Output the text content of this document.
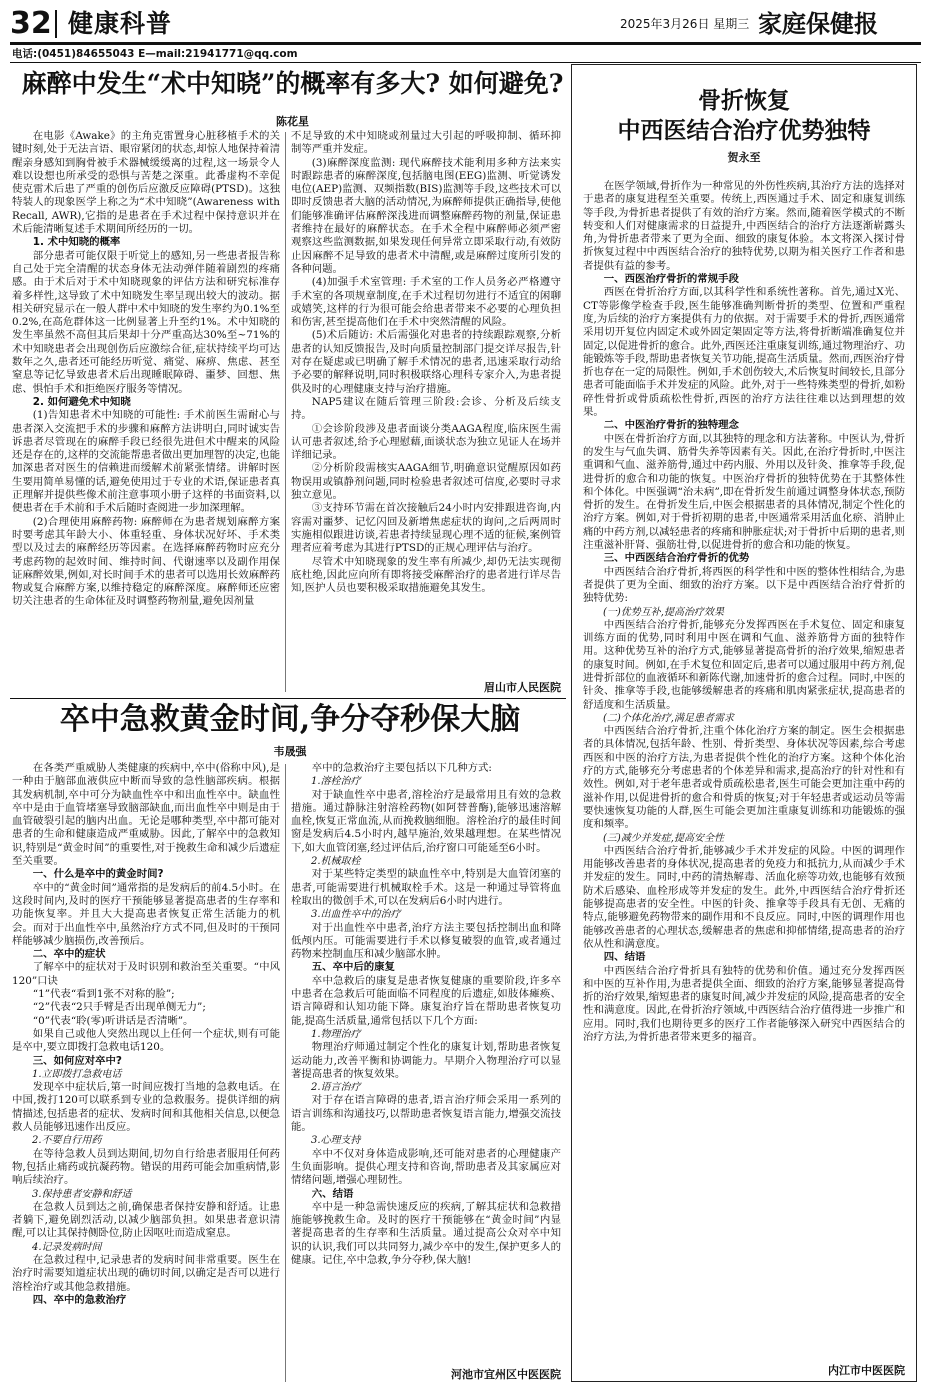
32 健康科普	2025年3月26日 星期三 家庭保健报
电话:(0451)84655043 E—mail:21941771@qq.com
麻醉中发生“术中知晓”的概率有多大? 如何避免?
陈花星

在电影《Awake》的主角克雷置身心脏移植手术的关键时刻,处于无法言语、眼帘紧闭的状态,却惊人地保持着清醒亲身感知到胸骨被手术器械缓缓离的过程,这一场景令人难以设想也所承受的恐惧与苦楚之深重。此番虚构不幸促使克雷术后患了严重的创伤后应激反应障碍(PTSD)。这独特装人的现象医学上称之为“术中知晓”(Awareness with Recall, AWR),它指的是患者在手术过程中保持意识并在术后能清晰复述手术期间所经历的一切。

1. 术中知晓的概率

部分患者可能仅限于听觉上的感知,另一些患者报告称自己处于完全清醒的状态身体无法动弹伴随着剧烈的疼痛感。由于术后对于术中知晓现象的评估方法和研究标准存着多样性,这导致了术中知晓发生率呈现出较大的波动。据相关研究显示在一般人群中术中知晓的发生率约为0.1%至0.2%,在高危群体这一比例显著上升至约1%。术中知晓的发生率虽然不高但其后果却十分严重高达30%至~71%的术中知晓患者会出现创伤后应激综合征,症状持续平均可达数年之久,患者还可能经历听觉、痛觉、麻痹、焦虑、甚至窒息等记忆导致患者术后出现睡眠障碍、噩梦、回想、焦虑、惧怕手术和拒绝医疗服务等情况。

2. 如何避免术中知晓

(1)告知患者术中知晓的可能性: 手术前医生需耐心与患者深入交流把手术的步骤和麻醉方法讲明白,同时诚实告诉患者尽管现在的麻醉手段已经很先进但术中醒来的风险还是存在的,这样的交流能帮患者做出更加理智的决定,也能加深患者对医生的信赖进而缓解术前紧张情绪。讲解时医生要用简单易懂的话,避免使用过于专业的术语,保证患者真正理解并提供些像术前注意事项小册子这样的书面资料,以便患者在手术前和手术后随时查阅进一步加深理解。

(2)合理使用麻醉药物: 麻醉师在为患者规划麻醉方案时要考虑其年龄大小、体重轻重、身体状况好坏、手术类型以及过去的麻醉经历等因素。在选择麻醉药物时应充分考虑药物的起效时间、维持时间、代谢速率以及副作用保证麻醉效果,例如,对长时间手术的患者可以选用长效麻醉药物或复合麻醉方案,以维持稳定的麻醉深度。麻醉师还应密切关注患者的生命体征及时调整药物剂量,避免因剂量

不足导致的术中知晓或剂量过大引起的呼吸抑制、循环抑制等严重并发症。

(3)麻醉深度监测: 现代麻醉技术能利用多种方法来实时跟踪患者的麻醉深度,包括脑电图(EEG)监测、听觉诱发电位(AEP)监测、双频指数(BIS)监测等手段,这些技术可以即时反馈患者大脑的活动情况,为麻醉师提供正确指导,使他们能够准确评估麻醉深浅进而调整麻醉药物的剂量,保证患者维持在最好的麻醉状态。在手术全程中麻醉师必须严密观察这些监测数据,如果发现任何异常立即采取行动,有效防止因麻醉不足导致的患者术中清醒,或是麻醉过度所引发的各种问题。

(4)加强手术室管理: 手术室的工作人员务必严格遵守手术室的各项规章制度,在手术过程切勿进行不适宜的闲聊或嬉笑,这样的行为很可能会给患者带来不必要的心理负担和伤害,甚至提高他们在手术中突然清醒的风险。

(5)术后随访: 术后需强化对患者的持续跟踪观察,分析患者的认知反馈报告,及时向质量控制部门提交详尽报告,针对存在疑虑或已明确了解手术情况的患者,迅速采取行动给予必要的解释说明,同时积极联络心理科专家介入,为患者提供及时的心理健康支持与治疗措施。

NAP5建议在随后管理三阶段:会诊、分析及后续支持。

①会诊阶段涉及患者面谈分类AAGA程度,临床医生需认可患者叙述,给予心理慰藉,面谈状态为独立见证人在场并详细记录。

②分析阶段需核实AAGA细节,明确意识觉醒原因如药物误用或镇静剂问题,同时检验患者叙述可信度,必要时寻求独立意见。

③支持环节需在首次接触后24小时内安排跟进咨询,内容需对噩梦、记忆闪回及新增焦虑症状的询问,之后两周时实施相似跟进访谈,若患者持续显现心理不适的征候,案例管理者应着考虑为其进行PTSD的正规心理评估与治疗。

尽管术中知晓现象的发生率有所减少,却仍无法实现彻底杜绝,因此应向所有即将接受麻醉治疗的患者进行详尽告知,医护人员也要积极采取措施避免其发生。

眉山市人民医院
卒中急救黄金时间,争分夺秒保大脑
韦晟强

在各类严重威胁人类健康的疾病中,卒中(俗称中风),是一种由于脑部血液供应中断而导致的急性脑部疾病。根据其发病机制,卒中可分为缺血性卒中和出血性卒中。缺血性卒中是由于血管堵塞导致脑部缺血,而出血性卒中则是由于血管破裂引起的脑内出血。无论是哪种类型,卒中都可能对患者的生命和健康造成严重威胁。因此,了解卒中的急救知识,特别是“黄金时间”的重要性,对于挽救生命和减少后遗症至关重要。

一、什么是卒中的黄金时间?

卒中的“黄金时间”通常指的是发病后的前4.5小时。在这段时间内,及时的医疗干预能够显著提高患者的生存率和功能恢复率。并且大大提高患者恢复正常生活能力的机会。而对于出血性卒中,虽然治疗方式不同,但及时的干预同样能够减少脑损伤,改善预后。

二、卒中的症状

了解卒中的症状对于及时识别和救治至关重要。“中风120”口诀

“1”代表“看到1张不对称的脸”;

“2”代表“2只手臂是否出现单侧无力”;

“0”代表“聆(零)听讲话是否清晰”。

如果自己或他人突然出现以上任何一个症状,则有可能是卒中,要立即拨打急救电话120。

三、如何应对卒中?
1.立即拨打急救电话

发现卒中症状后,第一时间应拨打当地的急救电话。在中国,拨打120可以联系到专业的急救服务。提供详细的病情描述,包括患者的症状、发病时间和其他相关信息,以便急救人员能够迅速作出反应。

2.不要自行用药

在等待急救人员到达期间,切勿自行给患者服用任何药物,包括止痛药或抗凝药物。错误的用药可能会加重病情,影响后续治疗。

3.保持患者安静和舒适

在急救人员到达之前,确保患者保持安静和舒适。让患者躺下,避免剧烈活动,以减少脑部负担。如果患者意识清醒,可以让其保持侧卧位,防止因呕吐而造成窒息。

4.记录发病时间

在急救过程中,记录患者的发病时间非常重要。医生在治疗时需要知道症状出现的确切时间,以确定是否可以进行溶栓治疗或其他急救措施。

四、卒中的急救治疗

卒中的急救治疗主要包括以下几种方式:

1.溶栓治疗

对于缺血性卒中患者,溶栓治疗是最常用且有效的急救措施。通过静脉注射溶栓药物(如阿替普酶),能够迅速溶解血栓,恢复正常血流,从而挽救脑细胞。溶栓治疗的最佳时间窗是发病后4.5小时内,越早施治,效果越理想。在某些情况下,如大血管闭塞,经过评估后,治疗窗口可能延至6小时。

2.机械取栓

对于某些特定类型的缺血性卒中,特别是大血管闭塞的患者,可能需要进行机械取栓手术。这是一种通过导管将血栓取出的微创手术,可以在发病后6小时内进行。

3.出血性卒中的治疗

对于出血性卒中患者,治疗方法主要包括控制出血和降低颅内压。可能需要进行手术以修复破裂的血管,或者通过药物来控制血压和减少脑部水肿。

五、卒中后的康复

卒中急救后的康复是患者恢复健康的重要阶段,许多卒中患者在急救后可能面临不同程度的后遗症,如肢体瘫痪、语言障碍和认知功能下降。康复治疗旨在帮助患者恢复功能,提高生活质量,通常包括以下几个方面:

1.物理治疗

物理治疗师通过制定个性化的康复计划,帮助患者恢复运动能力,改善平衡和协调能力。早期介入物理治疗可以显著提高患者的恢复效果。

2.语言治疗

对于存在语言障碍的患者,语言治疗师会采用一系列的语言训练和沟通技巧,以帮助患者恢复语言能力,增强交流技能。

3.心理支持

卒中不仅对身体造成影响,还可能对患者的心理健康产生负面影响。提供心理支持和咨询,帮助患者及其家属应对情绪问题,增强心理韧性。

六、结语

卒中是一种急需快速反应的疾病,了解其症状和急救措施能够挽救生命。及时的医疗干预能够在“黄金时间”内显著提高患者的生存率和生活质量。通过提高公众对卒中知识的认识,我们可以共同努力,减少卒中的发生,保护更多人的健康。记住,卒中急救,争分夺秒,保大脑!

河池市宜州区中医医院
骨折恢复
中西医结合治疗优势独特
贺永至

在医学领域,骨折作为一种常见的外伤性疾病,其治疗方法的选择对于患者的康复进程至关重要。传统上,西医通过手术、固定和康复训练等手段,为骨折患者提供了有效的治疗方案。然而,随着医学模式的不断转变和人们对健康需求的日益提升,中西医结合的治疗方法逐渐崭露头角,为骨折患者带来了更为全面、细致的康复体验。本文将深入探讨骨折恢复过程中中西医结合治疗的独特优势,以期为相关医疗工作者和患者提供有益的参考。

一、西医治疗骨折的常规手段

西医在骨折治疗方面,以其科学性和系统性著称。首先,通过X光、CT等影像学检查手段,医生能够准确判断骨折的类型、位置和严重程度,为后续的治疗方案提供有力的依据。对于需要手术的骨折,西医通常采用切开复位内固定术或外固定架固定等方法,将骨折断端准确复位并固定,以促进骨折的愈合。此外,西医还注重康复训练,通过物理治疗、功能锻炼等手段,帮助患者恢复关节功能,提高生活质量。然而,西医治疗骨折也存在一定的局限性。例如,手术创伤较大,术后恢复时间较长,且部分患者可能面临手术并发症的风险。此外,对于一些特殊类型的骨折,如粉碎性骨折或骨质疏松性骨折,西医的治疗方法往往难以达到理想的效果。

二、中医治疗骨折的独特理念

中医在骨折治疗方面,以其独特的理念和方法著称。中医认为,骨折的发生与气血失调、筋骨失养等因素有关。因此,在治疗骨折时,中医注重调和气血、滋养筋骨,通过中药内服、外用以及针灸、推拿等手段,促进骨折的愈合和功能的恢复。中医治疗骨折的独特优势在于其整体性和个体化。中医强调“治未病”,即在骨折发生前通过调整身体状态,预防骨折的发生。在骨折发生后,中医会根据患者的具体情况,制定个性化的治疗方案。例如,对于骨折初期的患者,中医通常采用活血化瘀、消肿止痛的中药方剂,以减轻患者的疼痛和肿胀症状;对于骨折中后期的患者,则注重滋补肝肾、强筋壮骨,以促进骨折的愈合和功能的恢复。

三、中西医结合治疗骨折的优势

中西医结合治疗骨折,将西医的科学性和中医的整体性相结合,为患者提供了更为全面、细致的治疗方案。以下是中西医结合治疗骨折的独特优势:

(一)优势互补,提高治疗效果

中西医结合治疗骨折,能够充分发挥西医在手术复位、固定和康复训练方面的优势,同时利用中医在调和气血、滋养筋骨方面的独特作用。这种优势互补的治疗方式,能够显著提高骨折的治疗效果,缩短患者的康复时间。例如,在手术复位和固定后,患者可以通过服用中药方剂,促进骨折部位的血液循环和新陈代谢,加速骨折的愈合过程。同时,中医的针灸、推拿等手段,也能够缓解患者的疼痛和肌肉紧张症状,提高患者的舒适度和生活质量。

(二)个体化治疗,满足患者需求

中西医结合治疗骨折,注重个体化治疗方案的制定。医生会根据患者的具体情况,包括年龄、性别、骨折类型、身体状况等因素,综合考虑西医和中医的治疗方法,为患者提供个性化的治疗方案。这种个体化治疗的方式,能够充分考虑患者的个体差异和需求,提高治疗的针对性和有效性。例如,对于老年患者或骨质疏松患者,医生可能会更加注重中药的滋补作用,以促进骨折的愈合和骨质的恢复;对于年轻患者或运动员等需要快速恢复功能的人群,医生可能会更加注重康复训练和功能锻炼的强度和频率。

(三)减少并发症,提高安全性

中西医结合治疗骨折,能够减少手术并发症的风险。中医的调理作用能够改善患者的身体状况,提高患者的免疫力和抵抗力,从而减少手术并发症的发生。同时,中药的清热解毒、活血化瘀等功效,也能够有效预防术后感染、血栓形成等并发症的发生。此外,中西医结合治疗骨折还能够提高患者的安全性。中医的针灸、推拿等手段具有无创、无痛的特点,能够避免药物带来的副作用和不良反应。同时,中医的调理作用也能够改善患者的心理状态,缓解患者的焦虑和抑郁情绪,提高患者的治疗依从性和满意度。

四、结语

中西医结合治疗骨折具有独特的优势和价值。通过充分发挥西医和中医的互补作用,为患者提供全面、细致的治疗方案,能够显著提高骨折的治疗效果,缩短患者的康复时间,减少并发症的风险,提高患者的安全性和满意度。因此,在骨折治疗领域,中西医结合治疗值得进一步推广和应用。同时,我们也期待更多的医疗工作者能够深入研究中西医结合的治疗方法,为骨折患者带来更多的福音。

内江市中医医院
